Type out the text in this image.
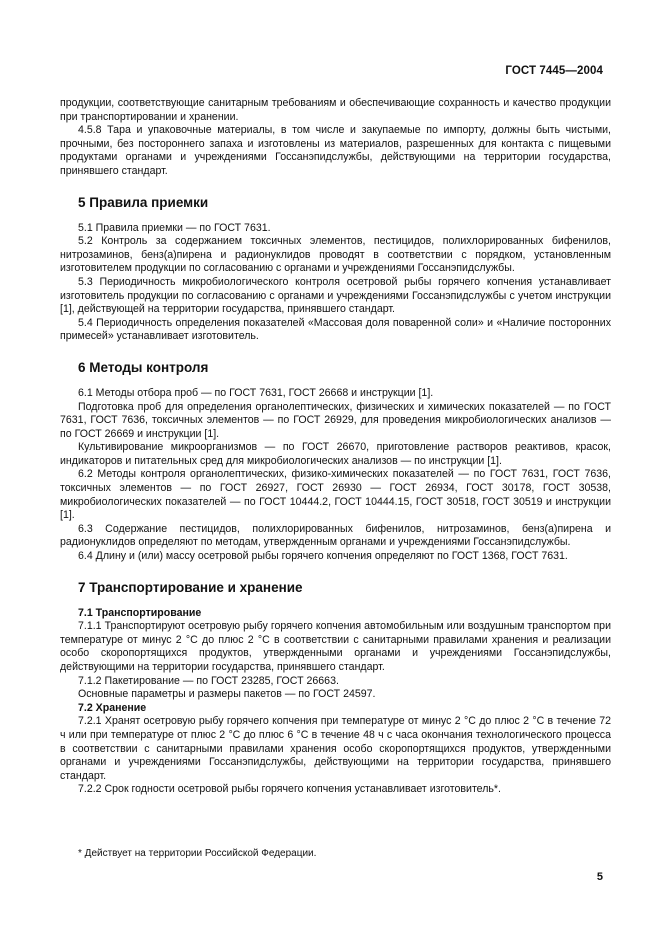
ГОСТ 7445—2004

продукции, соответствующие санитарным требованиям и обеспечивающие сохранность и качество продукции при транспортировании и хранении.

4.5.8 Тара и упаковочные материалы, в том числе и закупаемые по импорту, должны быть чистыми, прочными, без постороннего запаха и изготовлены из материалов, разрешенных для контакта с пищевыми продуктами органами и учреждениями Госсанэпидслужбы, действующими на территории государства, принявшего стандарт.

5 Правила приемки

5.1 Правила приемки — по ГОСТ 7631.

5.2 Контроль за содержанием токсичных элементов, пестицидов, полихлорированных бифенилов, нитрозаминов, бенз(а)пирена и радионуклидов проводят в соответствии с порядком, установленным изготовителем продукции по согласованию с органами и учреждениями Госсанэпидслужбы.

5.3 Периодичность микробиологического контроля осетровой рыбы горячего копчения устанавливает изготовитель продукции по согласованию с органами и учреждениями Госсанэпидслужбы с учетом инструкции [1], действующей на территории государства, принявшего стандарт.

5.4 Периодичность определения показателей «Массовая доля поваренной соли» и «Наличие посторонних примесей» устанавливает изготовитель.

6 Методы контроля

6.1 Методы отбора проб — по ГОСТ 7631, ГОСТ 26668 и инструкции [1].

Подготовка проб для определения органолептических, физических и химических показателей — по ГОСТ 7631, ГОСТ 7636, токсичных элементов — по ГОСТ 26929, для проведения микробиологических анализов — по ГОСТ 26669 и инструкции [1].

Культивирование микроорганизмов — по ГОСТ 26670, приготовление растворов реактивов, красок, индикаторов и питательных сред для микробиологических анализов — по инструкции [1].

6.2 Методы контроля органолептических, физико-химических показателей — по ГОСТ 7631, ГОСТ 7636, токсичных элементов — по ГОСТ 26927, ГОСТ 26930 — ГОСТ 26934, ГОСТ 30178, ГОСТ 30538, микробиологических показателей — по ГОСТ 10444.2, ГОСТ 10444.15, ГОСТ 30518, ГОСТ 30519 и инструкции [1].

6.3 Содержание пестицидов, полихлорированных бифенилов, нитрозаминов, бенз(а)пирена и радионуклидов определяют по методам, утвержденным органами и учреждениями Госсанэпидслужбы.

6.4 Длину и (или) массу осетровой рыбы горячего копчения определяют по ГОСТ 1368, ГОСТ 7631.

7 Транспортирование и хранение

7.1 Транспортирование

7.1.1 Транспортируют осетровую рыбу горячего копчения автомобильным или воздушным транспортом при температуре от минус 2 °С до плюс 2 °С в соответствии с санитарными правилами хранения и реализации особо скоропортящихся продуктов, утвержденными органами и учреждениями Госсанэпидслужбы, действующими на территории государства, принявшего стандарт.

7.1.2 Пакетирование — по ГОСТ 23285, ГОСТ 26663.

Основные параметры и размеры пакетов — по ГОСТ 24597.

7.2 Хранение

7.2.1 Хранят осетровую рыбу горячего копчения при температуре от минус 2 °С до плюс 2 °С в течение 72 ч или при температуре от плюс 2 °С до плюс 6 °С в течение 48 ч с часа окончания технологического процесса в соответствии с санитарными правилами хранения особо скоропортящихся продуктов, утвержденными органами и учреждениями Госсанэпидслужбы, действующими на территории государства, принявшего стандарт.

7.2.2 Срок годности осетровой рыбы горячего копчения устанавливает изготовитель*.

* Действует на территории Российской Федерации.
5
